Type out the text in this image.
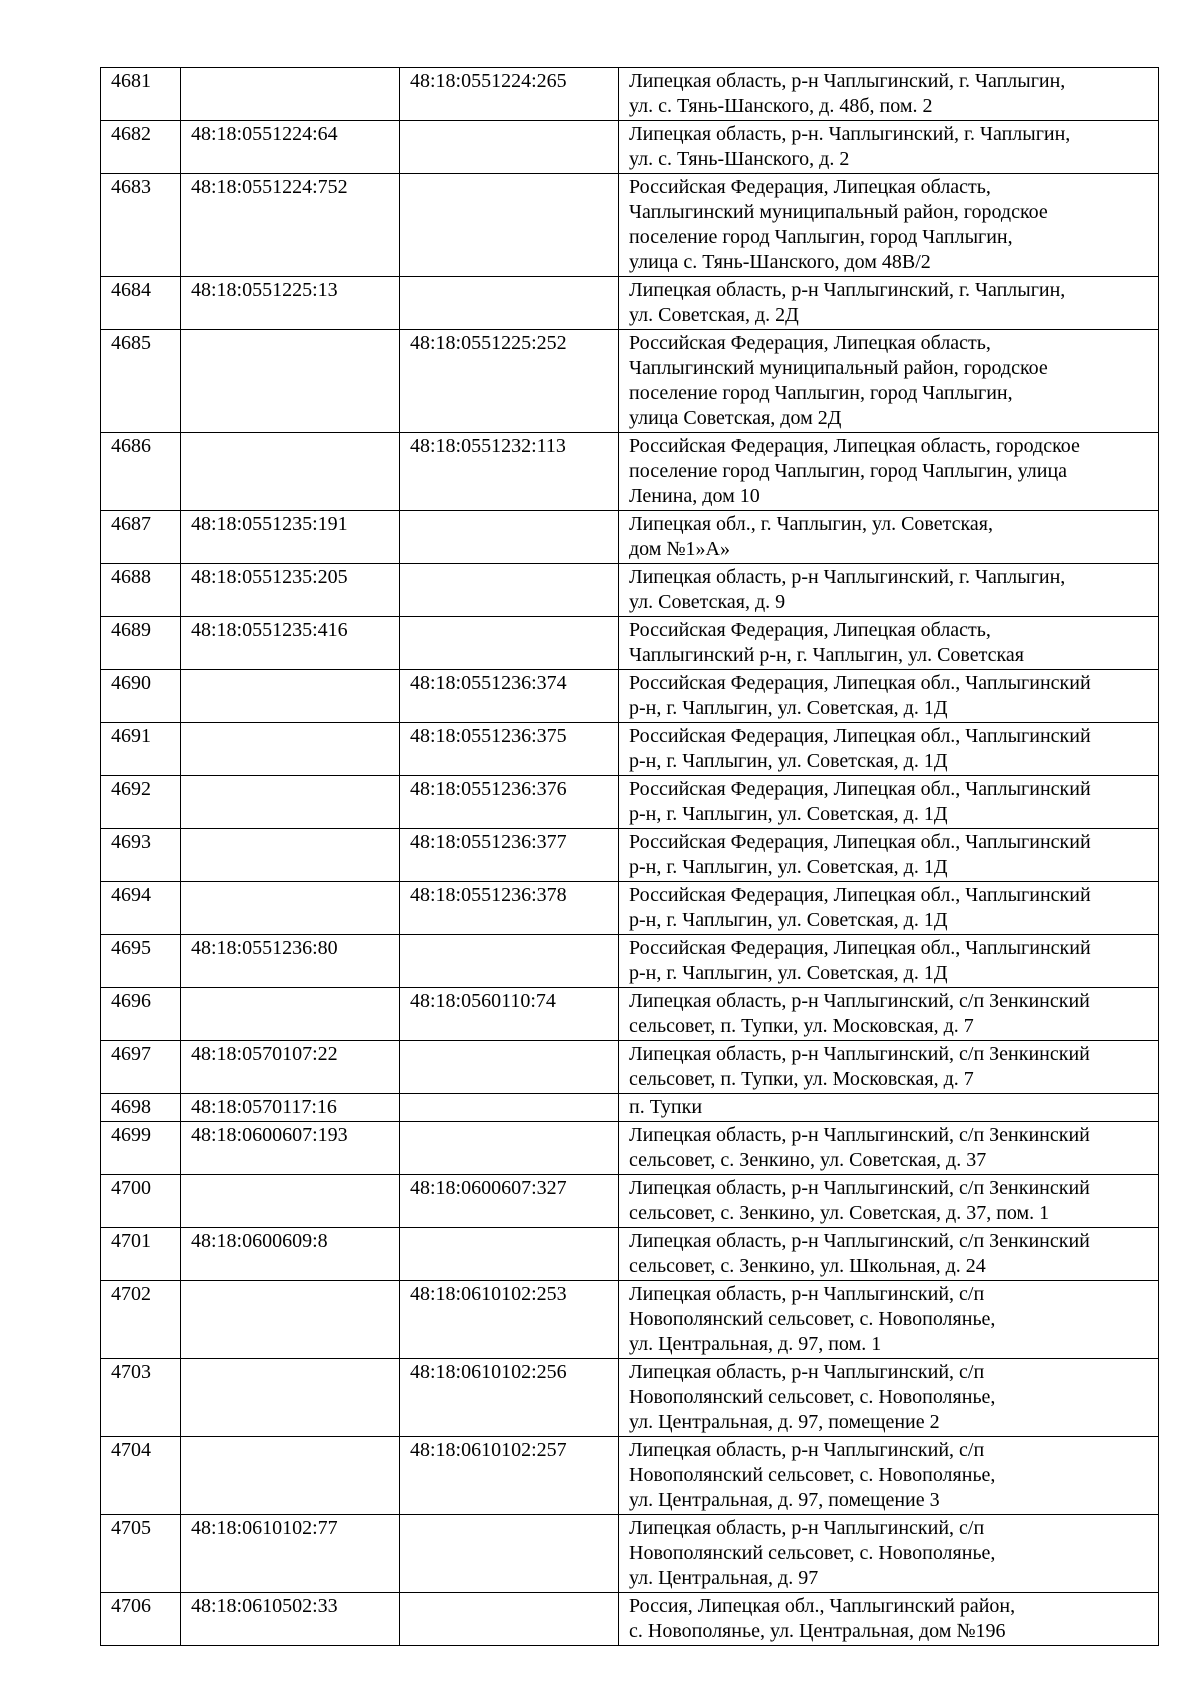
4681		48:18:0551224:265	Липецкая область, р-н Чаплыгинский, г. Чаплыгин,
ул. с. Тянь-Шанского, д. 48б, пом. 2
4682	48:18:0551224:64		Липецкая область, р-н. Чаплыгинский, г. Чаплыгин,
ул. с. Тянь-Шанского, д. 2
4683	48:18:0551224:752		Российская Федерация, Липецкая область,
Чаплыгинский муниципальный район, городское
поселение город Чаплыгин, город Чаплыгин,
улица с. Тянь-Шанского, дом 48В/2
4684	48:18:0551225:13		Липецкая область, р-н Чаплыгинский, г. Чаплыгин,
ул. Советская, д. 2Д
4685		48:18:0551225:252	Российская Федерация, Липецкая область,
Чаплыгинский муниципальный район, городское
поселение город Чаплыгин, город Чаплыгин,
улица Советская, дом 2Д
4686		48:18:0551232:113	Российская Федерация, Липецкая область, городское
поселение город Чаплыгин, город Чаплыгин, улица
Ленина, дом 10
4687	48:18:0551235:191		Липецкая обл., г. Чаплыгин, ул. Советская,
дом №1»А»
4688	48:18:0551235:205		Липецкая область, р-н Чаплыгинский, г. Чаплыгин,
ул. Советская, д. 9
4689	48:18:0551235:416		Российская Федерация, Липецкая область,
Чаплыгинский р-н, г. Чаплыгин, ул. Советская
4690		48:18:0551236:374	Российская Федерация, Липецкая обл., Чаплыгинский
р-н, г. Чаплыгин, ул. Советская, д. 1Д
4691		48:18:0551236:375	Российская Федерация, Липецкая обл., Чаплыгинский
р-н, г. Чаплыгин, ул. Советская, д. 1Д
4692		48:18:0551236:376	Российская Федерация, Липецкая обл., Чаплыгинский
р-н, г. Чаплыгин, ул. Советская, д. 1Д
4693		48:18:0551236:377	Российская Федерация, Липецкая обл., Чаплыгинский
р-н, г. Чаплыгин, ул. Советская, д. 1Д
4694		48:18:0551236:378	Российская Федерация, Липецкая обл., Чаплыгинский
р-н, г. Чаплыгин, ул. Советская, д. 1Д
4695	48:18:0551236:80		Российская Федерация, Липецкая обл., Чаплыгинский
р-н, г. Чаплыгин, ул. Советская, д. 1Д
4696		48:18:0560110:74	Липецкая область, р-н Чаплыгинский, с/п Зенкинский
сельсовет, п. Тупки, ул. Московская, д. 7
4697	48:18:0570107:22		Липецкая область, р-н Чаплыгинский, с/п Зенкинский
сельсовет, п. Тупки, ул. Московская, д. 7
4698	48:18:0570117:16		п. Тупки
4699	48:18:0600607:193		Липецкая область, р-н Чаплыгинский, с/п Зенкинский
сельсовет, с. Зенкино, ул. Советская, д. 37
4700		48:18:0600607:327	Липецкая область, р-н Чаплыгинский, с/п Зенкинский
сельсовет, с. Зенкино, ул. Советская, д. 37, пом. 1
4701	48:18:0600609:8		Липецкая область, р-н Чаплыгинский, с/п Зенкинский
сельсовет, с. Зенкино, ул. Школьная, д. 24
4702		48:18:0610102:253	Липецкая область, р-н Чаплыгинский, с/п
Новополянский сельсовет, с. Новополянье,
ул. Центральная, д. 97, пом. 1
4703		48:18:0610102:256	Липецкая область, р-н Чаплыгинский, с/п
Новополянский сельсовет, с. Новополянье,
ул. Центральная, д. 97, помещение 2
4704		48:18:0610102:257	Липецкая область, р-н Чаплыгинский, с/п
Новополянский сельсовет, с. Новополянье,
ул. Центральная, д. 97, помещение 3
4705	48:18:0610102:77		Липецкая область, р-н Чаплыгинский, с/п
Новополянский сельсовет, с. Новополянье,
ул. Центральная, д. 97
4706	48:18:0610502:33		Россия, Липецкая обл., Чаплыгинский район,
с. Новополянье, ул. Центральная, дом №196
